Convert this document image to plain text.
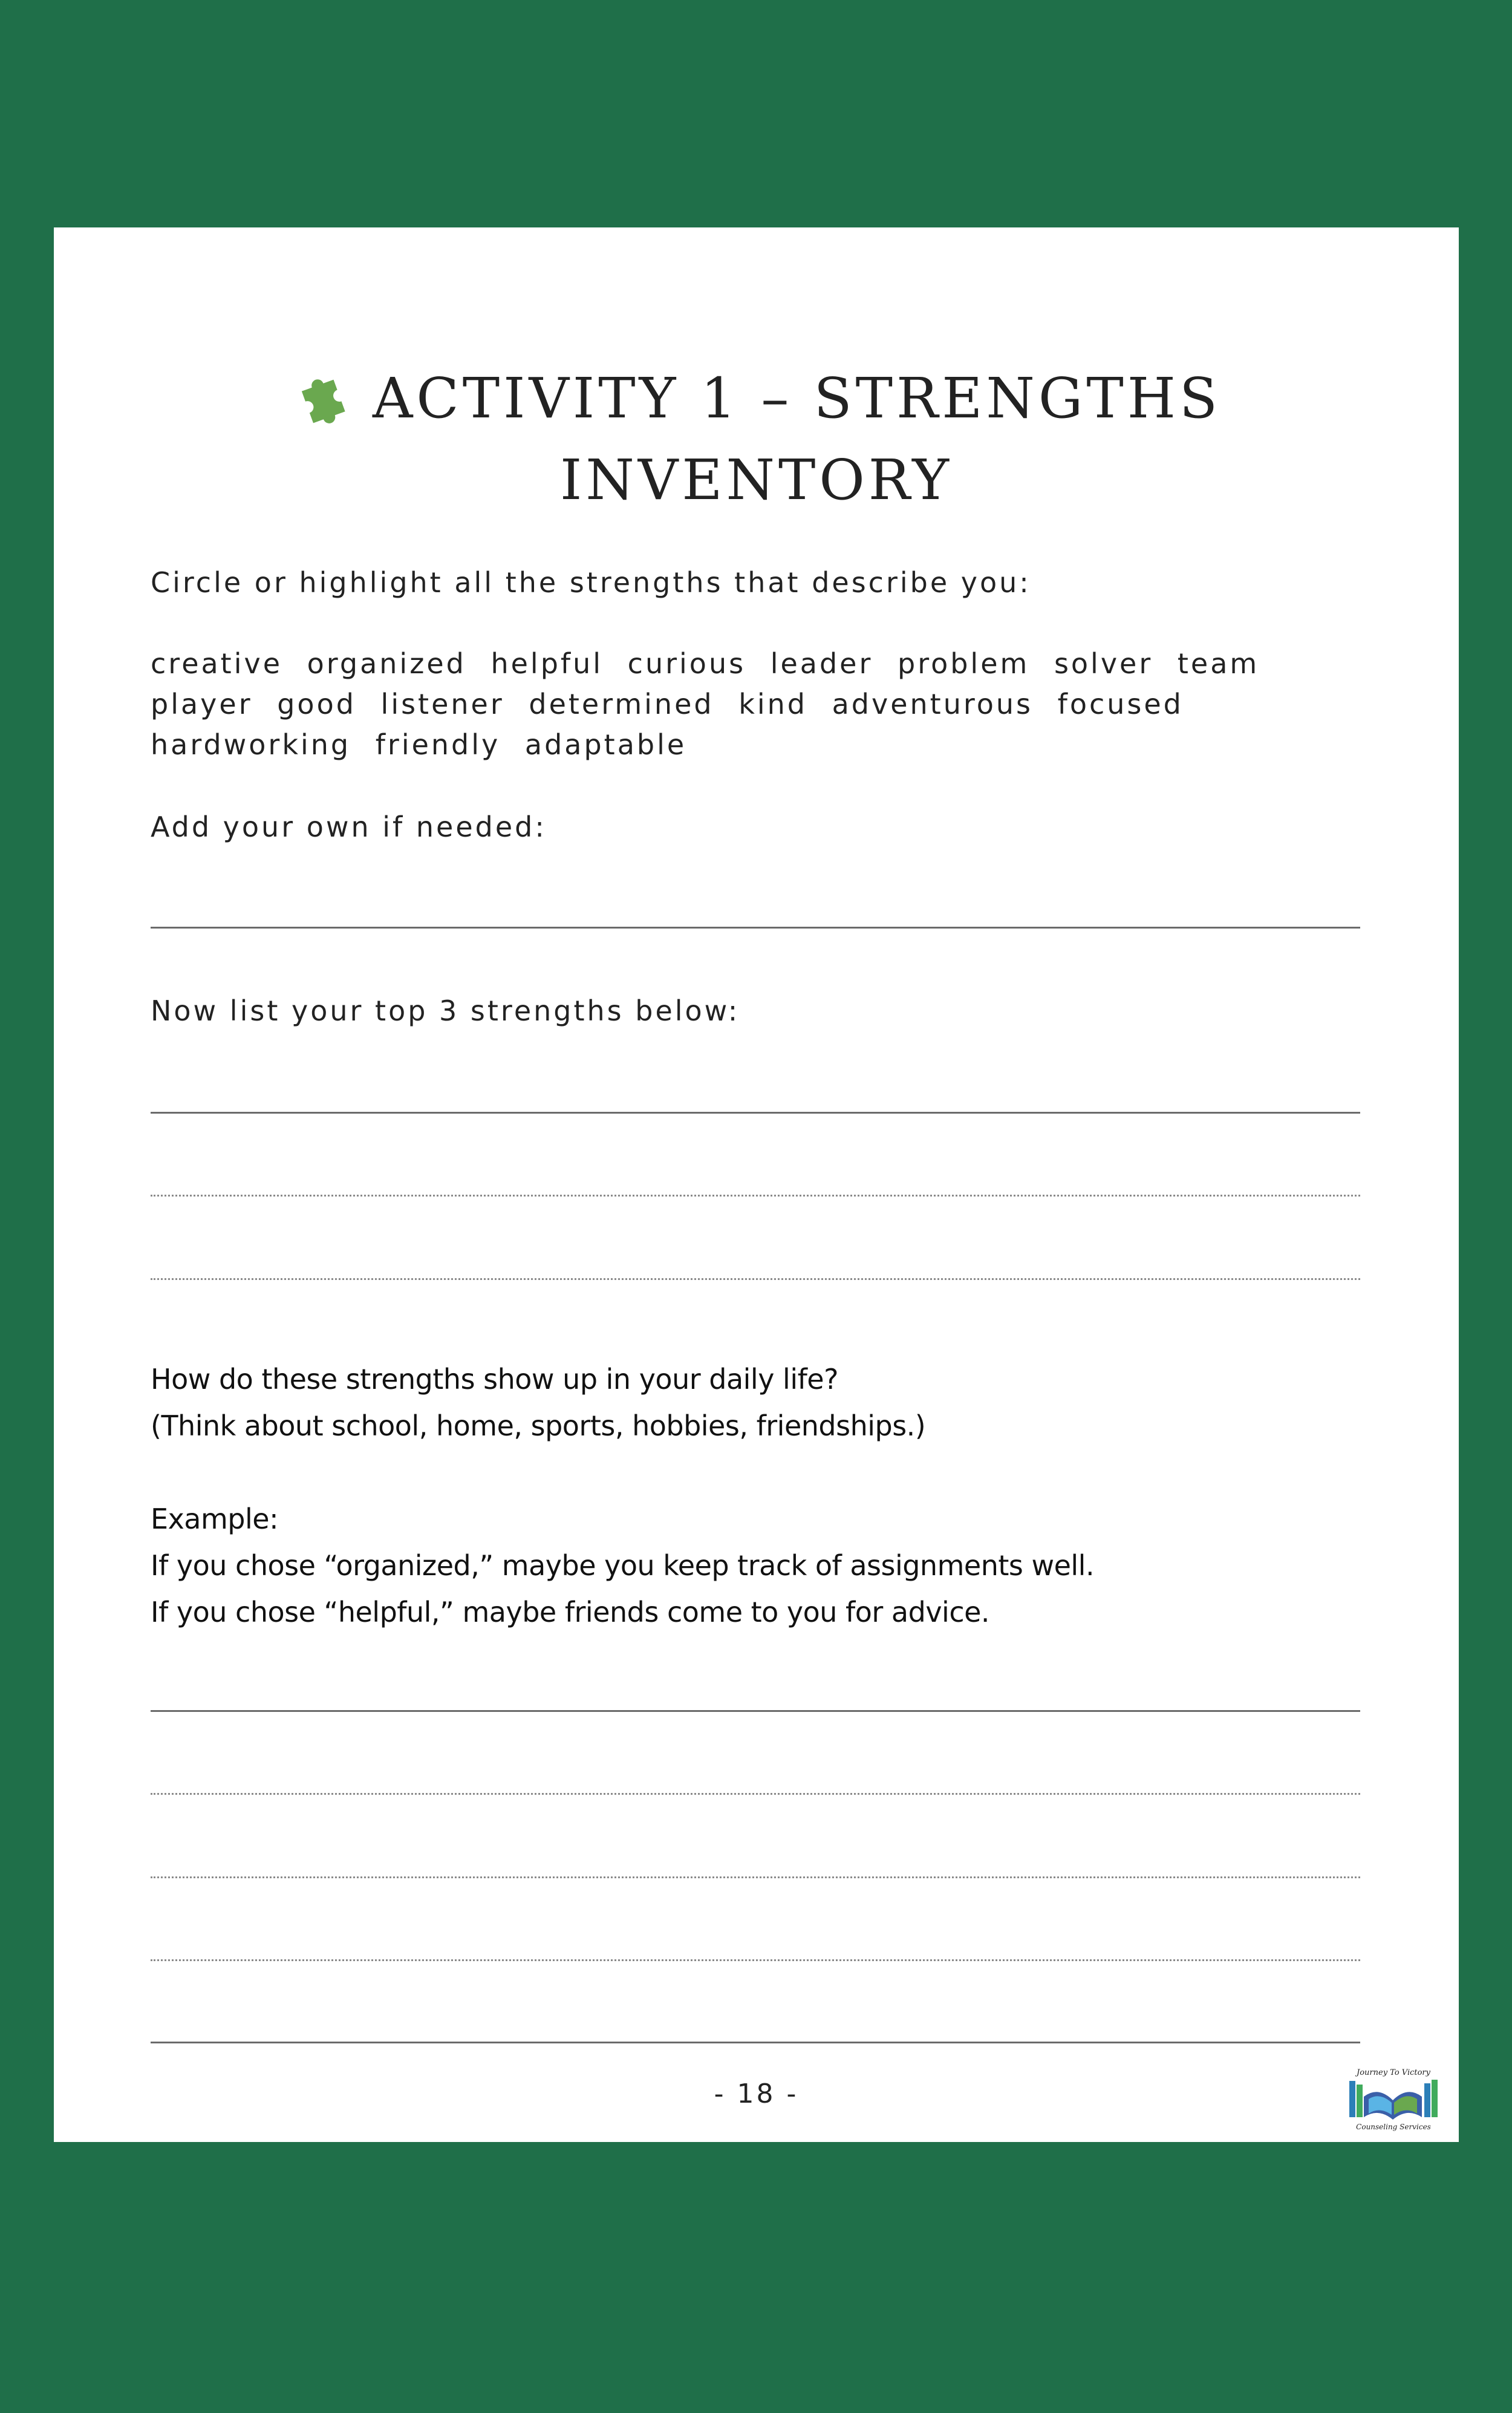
ACTIVITY 1 – STRENGTHS
INVENTORY
Circle or highlight all the strengths that describe you:
creative organized helpful curious leader problem solver team player good listener determined kind adventurous focused hardworking friendly adaptable
Add your own if needed:
Now list your top 3 strengths below:
How do these strengths show up in your daily life?
(Think about school, home, sports, hobbies, friendships.)
Example:
If you chose “organized,” maybe you keep track of assignments well.
If you chose “helpful,” maybe friends come to you for advice.
- 18 -
Journey To Victory
Counseling Services
